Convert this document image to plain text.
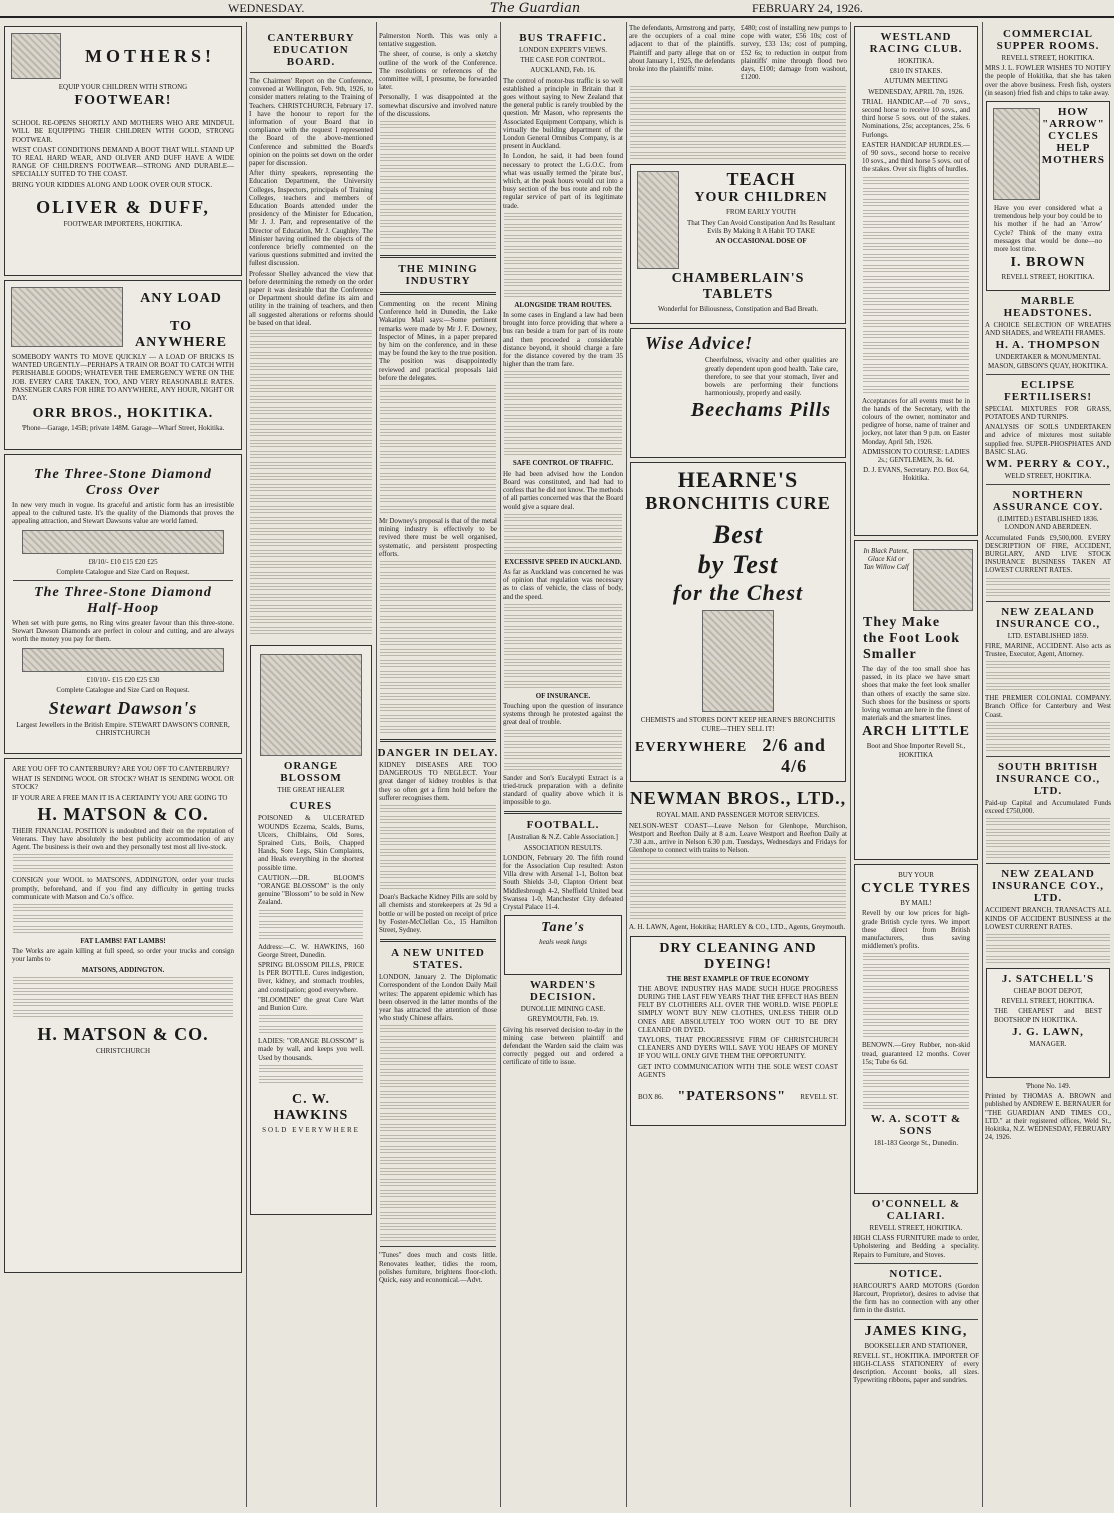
WEDNESDAY.	The Guardian	FEBRUARY 24, 1926.
MOTHERS!
EQUIP YOUR CHILDREN WITH STRONG
FOOTWEAR!
SCHOOL RE-OPENS SHORTLY AND MOTHERS WHO ARE MINDFUL WILL BE EQUIPPING THEIR CHILDREN WITH GOOD, STRONG FOOTWEAR.
WEST COAST CONDITIONS DEMAND A BOOT THAT WILL STAND UP TO REAL HARD WEAR, AND OLIVER AND DUFF HAVE A WIDE RANGE OF CHILDREN'S FOOTWEAR—STRONG AND DURABLE—SPECIALLY SUITED TO THE COAST.
BRING YOUR KIDDIES ALONG AND LOOK OVER OUR STOCK.
OLIVER & DUFF,
FOOTWEAR IMPORTERS, HOKITIKA.
ANY LOAD
TO ANYWHERE
SOMEBODY WANTS TO MOVE QUICKLY — A LOAD OF BRICKS IS WANTED URGENTLY—PERHAPS A TRAIN OR BOAT TO CATCH WITH PERISHABLE GOODS; WHATEVER THE EMERGENCY WE'RE ON THE JOB. EVERY CARE TAKEN, TOO, AND VERY REASONABLE RATES. PASSENGER CARS FOR HIRE TO ANYWHERE, ANY HOUR, NIGHT OR DAY.
ORR BROS., HOKITIKA.
'Phone—Garage, 145B; private 148M. Garage—Wharf Street, Hokitika.
The Three-Stone Diamond
Cross Over
In new very much in vogue. Its graceful and artistic form has an irresistible appeal to the cultured taste. It's the quality of the Diamonds that proves the appealing attraction, and Stewart Dawsons value are world famed.
£8/10/- £10 £15 £20 £25
Complete Catalogue and Size Card on Request.
The Three-Stone Diamond
Half-Hoop
When set with pure gems, no Ring wins greater favour than this three-stone. Stewart Dawson Diamonds are perfect in colour and cutting, and are always worth the money you pay for them.
£10/10/- £15 £20 £25 £30
Complete Catalogue and Size Card on Request.
Stewart Dawson's
Largest Jewellers in the British Empire. STEWART DAWSON'S CORNER, CHRISTCHURCH
ARE YOU OFF TO CANTERBURY? ARE YOU OFF TO CANTERBURY?
WHAT IS SENDING WOOL OR STOCK? WHAT IS SENDING WOOL OR STOCK?
IF YOUR ARE A FREE MAN IT IS A CERTAINTY YOU ARE GOING TO
H. MATSON & CO.
THEIR FINANCIAL POSITION is undoubted and their on the reputation of Veterans. They have absolutely the best publicity accommodation of any Agent. The business is their own and they personally test most all live-stock.
CONSIGN your WOOL to MATSON'S, ADDINGTON, order your trucks promptly, beforehand, and if you find any difficulty in getting trucks communicate with Matson and Co.'s office.
FAT LAMBS! FAT LAMBS!
The Works are again killing at full speed, so order your trucks and consign your lambs to
MATSONS, ADDINGTON.
H. MATSON & CO.
CHRISTCHURCH
CANTERBURY EDUCATION BOARD.
The Chairmen' Report on the Conference, convened at Wellington, Feb. 9th, 1926, to consider matters relating to the Training of Teachers. CHRISTCHURCH, February 17. I have the honour to report for the information of your Board that in compliance with the request I represented the Board of the above-mentioned Conference and submitted the Board's opinion on the points set down on the order paper for discussion.
After thirty speakers, representing the Education Department, the University Colleges, Inspectors, principals of Training Colleges, teachers and members of Education Boards attended under the presidency of the Minister for Education, Mr J. J. Parr, and representative of the Director of Education, Mr J. Caughley. The Minister having outlined the objects of the conference briefly commented on the various questions submitted and invited the fullest discussion.
Professor Shelley advanced the view that before determining the remedy on the order paper it was desirable that the Conference or Department should define its aim and utility in the training of teachers, and then all suggested alterations or reforms should be based on that ideal.
ORANGE BLOSSOM
THE GREAT HEALER
CURES
POISONED & ULCERATED WOUNDS Eczema, Scalds, Burns, Ulcers, Chilblains, Old Sores, Sprained Cuts, Boils, Chapped Hands, Sore Legs, Skin Complaints, and Heals everything in the shortest possible time.
CAUTION.—DR. BLOOM'S "ORANGE BLOSSOM" is the only genuine "Blossom" to be sold in New Zealand.
Address:—C. W. HAWKINS, 160 George Street, Dunedin.
SPRING BLOSSOM PILLS, PRICE 1s PER BOTTLE. Cures indigestion, liver, kidney, and stomach troubles, and constipation; good everywhere.
"BLOOMINE" the great Cure Wart and Bunion Cure.
LADIES: "ORANGE BLOSSOM" is made by wall, and keeps you well. Used by thousands.
C. W. HAWKINS
SOLD EVERYWHERE
Palmerston North. This was only a tentative suggestion.
The sheer, of course, is only a sketchy outline of the work of the Conference. The resolutions or references of the committee will, I presume, be forwarded later.
Personally, I was disappointed at the somewhat discursive and involved nature of the discussions.
THE MINING INDUSTRY
Commenting on the recent Mining Conference held in Dunedin, the Lake Wakatipu Mail says:—Some pertinent remarks were made by Mr J. F. Downey, Inspector of Mines, in a paper prepared by him on the conference, and in these may be found the key to the true position. The position was disappointedly reviewed and practical proposals laid before the delegates.
Mr Downey's proposal is that of the metal mining industry is effectively to be revived there must be well organised, systematic, and persistent prospecting efforts.
DANGER IN DELAY.
KIDNEY DISEASES ARE TOO DANGEROUS TO NEGLECT. Your great danger of kidney troubles is that they so often get a firm hold before the sufferer recognises them.
Doan's Backache Kidney Pills are sold by all chemists and storekeepers at 2s 9d a bottle or will be posted on receipt of price by Foster-McClellan Co., 15 Hamilton Street, Sydney.
A NEW UNITED STATES.
LONDON, January 2. The Diplomatic Correspondent of the London Daily Mail writes: The apparent epidemic which has been observed in the latter months of the year has attracted the attention of those who study Chinese affairs.
"Tunes" does much and costs little. Renovates leather, tidies the room, polishes furniture, brightens floor-cloth. Quick, easy and economical.—Advt.
BUS TRAFFIC.
LONDON EXPERT'S VIEWS.
THE CASE FOR CONTROL.
AUCKLAND, Feb. 16.
The control of motor-bus traffic is so well established a principle in Britain that it goes without saying to New Zealand that the general public is rarely troubled by the question. Mr Mason, who represents the Associated Equipment Company, which is virtually the building department of the London General Omnibus Company, is at present in Auckland.
In London, he said, it had been found necessary to protect the L.G.O.C. from what was usually termed the 'pirate bus', which, at the peak hours would cut into a busy section of the bus route and rob the regular service of part of its legitimate trade.
ALONGSIDE TRAM ROUTES.
In some cases in England a law had been brought into force providing that where a bus ran beside a tram for part of its route and then proceeded a considerable distance beyond, it should charge a fare for the distance covered by the tram 35 higher than the tram fare.
SAFE CONTROL OF TRAFFIC.
He had been advised how the London Board was constituted, and had had to confess that he did not know. The methods of all parties concerned was that the Board would give a square deal.
EXCESSIVE SPEED IN AUCKLAND.
As far as Auckland was concerned he was of opinion that regulation was necessary as to class of vehicle, the class of body, and the speed.
OF INSURANCE.
Touching upon the question of insurance systems through he protested against the great deal of trouble.
Sander and Son's Eucalypti Extract is a tried-truck preparation with a definite standard of quality above which it is impossible to go.
FOOTBALL.
[Australian & N.Z. Cable Association.]
ASSOCIATION RESULTS.
LONDON, February 20. The fifth round for the Association Cup resulted: Aston Villa drew with Arsenal 1-1, Bolton beat South Shields 3-0, Clapton Orient beat Middlesbrough 4-2, Sheffield United beat Swansea 1-0, Manchester City defeated Crystal Palace 11-4.
Tane's
heals weak lungs
WARDEN'S DECISION.
DUNOLLIE MINING CASE.
GREYMOUTH, Feb. 19.
Giving his reserved decision to-day in the mining case between plaintiff and defendant the Warden said the claim was correctly pegged out and ordered a certificate of title to issue.
The defendants, Armstrong and party, are the occupiers of a coal mine adjacent to that of the plaintiffs. Plaintiff and party allege that on or about January 1, 1925, the defendants broke into the plaintiffs' mine.
£480; cost of installing new pumps to cope with water, £56 10s; cost of survey, £33 13s; cost of pumping, £52 6s; to reduction in output from plaintiffs' mine through flood two days, £100; damage from washout, £1200.
TEACH
YOUR CHILDREN
FROM EARLY YOUTH
That They Can Avoid Constipation And Its Resultant Evils By Making It A Habit TO TAKE
AN OCCASIONAL DOSE OF
CHAMBERLAIN'S TABLETS
Wonderful for Biliousness, Constipation and Bad Breath.
Wise Advice!
Cheerfulness, vivacity and other qualities are greatly dependent upon good health. Take care, therefore, to see that your stomach, liver and bowels are performing their functions harmoniously, properly and easily.
Beechams Pills
HEARNE'S
BRONCHITIS CURE
Best
by Test
for the Chest
CHEMISTS and STORES DON'T KEEP HEARNE'S BRONCHITIS CURE—THEY SELL IT!
EVERYWHERE 2/6 and 4/6
NEWMAN BROS., LTD.,
ROYAL MAIL AND PASSENGER MOTOR SERVICES.
NELSON-WEST COAST—Leave Nelson for Glenhope, Murchison, Westport and Reefton Daily at 8 a.m. Leave Westport and Reefton Daily at 7.30 a.m., arrive in Nelson 6.30 p.m. Tuesdays, Wednesdays and Fridays for Glenhope to connect with trains to Nelson.
A. H. LAWN, Agent, Hokitika; HARLEY & CO., LTD., Agents, Greymouth.
DRY CLEANING AND DYEING!
THE BEST EXAMPLE OF TRUE ECONOMY
THE ABOVE INDUSTRY HAS MADE SUCH HUGE PROGRESS DURING THE LAST FEW YEARS THAT THE EFFECT HAS BEEN FELT BY CLOTHIERS ALL OVER THE WORLD. WISE PEOPLE SIMPLY WON'T BUY NEW CLOTHES, UNLESS THEIR OLD ONES ARE ABSOLUTELY TOO WORN OUT TO BE DRY CLEANED OR DYED.
TAYLORS, THAT PROGRESSIVE FIRM OF CHRISTCHURCH CLEANERS AND DYERS WILL SAVE YOU HEAPS OF MONEY IF YOU WILL ONLY GIVE THEM THE OPPORTUNITY.
GET INTO COMMUNICATION WITH THE SOLE WEST COAST AGENTS
BOX 86. "PATERSONS" REVELL ST.
WESTLAND RACING CLUB.
HOKITIKA.
£810 IN STAKES.
AUTUMN MEETING
WEDNESDAY, APRIL 7th, 1926.
TRIAL HANDICAP.—of 70 sovs., second horse to receive 10 sovs., and third horse 5 sovs. out of the stakes. Nominations, 25s; acceptances, 25s. 6 Furlongs.
EASTER HANDICAP HURDLES.—of 90 sovs., second horse to receive 10 sovs., and third horse 5 sovs. out of the stakes. Over six flights of hurdles.
Acceptances for all events must be in the hands of the Secretary, with the colours of the owner, nominator and pedigree of horse, name of trainer and jockey, not later than 9 p.m. on Easter Monday, April 5th, 1926.
ADMISSION TO COURSE: LADIES 2s.; GENTLEMEN, 3s. 6d.
D. J. EVANS, Secretary. P.O. Box 64, Hokitika.
In Black Patent, Glace Kid or Tan Willow Calf
They Make
the Foot Look
Smaller
The day of the too small shoe has passed, in its place we have smart shoes that make the feet look smaller than others of exactly the same size. Such shoes for the business or sports loving woman are here in the finest of materials and the smartest lines.
ARCH LITTLE
Boot and Shoe Importer Revell St., HOKITIKA
BUY YOUR
CYCLE TYRES
BY MAIL!
Revell by our low prices for high-grade British cycle tyres. We import these direct from British manufacturers, thus saving middlemen's profits.
BENOWN.—Grey Rubber, non-skid tread, guaranteed 12 months. Cover 15s; Tube 6s 6d.
W. A. SCOTT & SONS
181-183 George St., Dunedin.
O'CONNELL & CALIARI.
REVELL STREET, HOKITIKA.
HIGH CLASS FURNITURE made to order, Upholstering and Bedding a speciality. Repairs to Furniture, and Stoves.
NOTICE.
HARCOURT'S AARD MOTORS (Gordon Harcourt, Proprietor), desires to advise that the firm has no connection with any other firm in the district.
JAMES KING,
BOOKSELLER AND STATIONER,
REVELL ST., HOKITIKA. IMPORTER OF HIGH-CLASS STATIONERY of every description. Account books, all sizes. Typewriting ribbons, paper and sundries.
COMMERCIAL SUPPER ROOMS.
REVELL STREET, HOKITIKA.
MRS J. L. FOWLER WISHES TO NOTIFY the people of Hokitika, that she has taken over the above business. Fresh fish, oysters (in season) fried fish and chips to take away.
HOW
"ARROW"
CYCLES
HELP
MOTHERS
Have you ever considered what a tremendous help your boy could be to his mother if he had an 'Arrow' Cycle? Think of the many extra messages that would be done—no more lost time.
I. BROWN
REVELL STREET, HOKITIKA.
MARBLE HEADSTONES.
A CHOICE SELECTION OF WREATHS AND SHADES, and WREATH FRAMES.
H. A. THOMPSON
UNDERTAKER & MONUMENTAL MASON, GIBSON'S QUAY, HOKITIKA.
ECLIPSE FERTILISERS!
SPECIAL MIXTURES FOR GRASS, POTATOES AND TURNIPS.
ANALYSIS OF SOILS UNDERTAKEN and advice of mixtures most suitable supplied free. SUPER-PHOSPHATES AND BASIC SLAG.
WM. PERRY & COY.,
WELD STREET, HOKITIKA.
NORTHERN ASSURANCE COY.
(LIMITED.) ESTABLISHED 1836. LONDON AND ABERDEEN.
Accumulated Funds £9,500,000. EVERY DESCRIPTION OF FIRE, ACCIDENT, BURGLARY, AND LIVE STOCK INSURANCE BUSINESS TAKEN AT LOWEST CURRENT RATES.
NEW ZEALAND INSURANCE CO.,
LTD. ESTABLISHED 1859.
FIRE, MARINE, ACCIDENT. Also acts as Trustee, Executor, Agent, Attorney.
THE PREMIER COLONIAL COMPANY. Branch Office for Canterbury and West Coast.
SOUTH BRITISH INSURANCE CO., LTD.
Paid-up Capital and Accumulated Funds exceed £750,000.
NEW ZEALAND INSURANCE COY., LTD.
ACCIDENT BRANCH. TRANSACTS ALL KINDS OF ACCIDENT BUSINESS at the LOWEST CURRENT RATES.
J. SATCHELL'S
CHEAP BOOT DEPOT,
REVELL STREET, HOKITIKA.
THE CHEAPEST and BEST BOOTSHOP IN HOKITIKA.
J. G. LAWN,
MANAGER.
'Phone No. 149.
Printed by THOMAS A. BROWN and published by ANDREW E. BERNAUER for "THE GUARDIAN AND TIMES CO., LTD." at their registered offices, Weld St., Hokitika, N.Z. WEDNESDAY, FEBRUARY 24, 1926.
